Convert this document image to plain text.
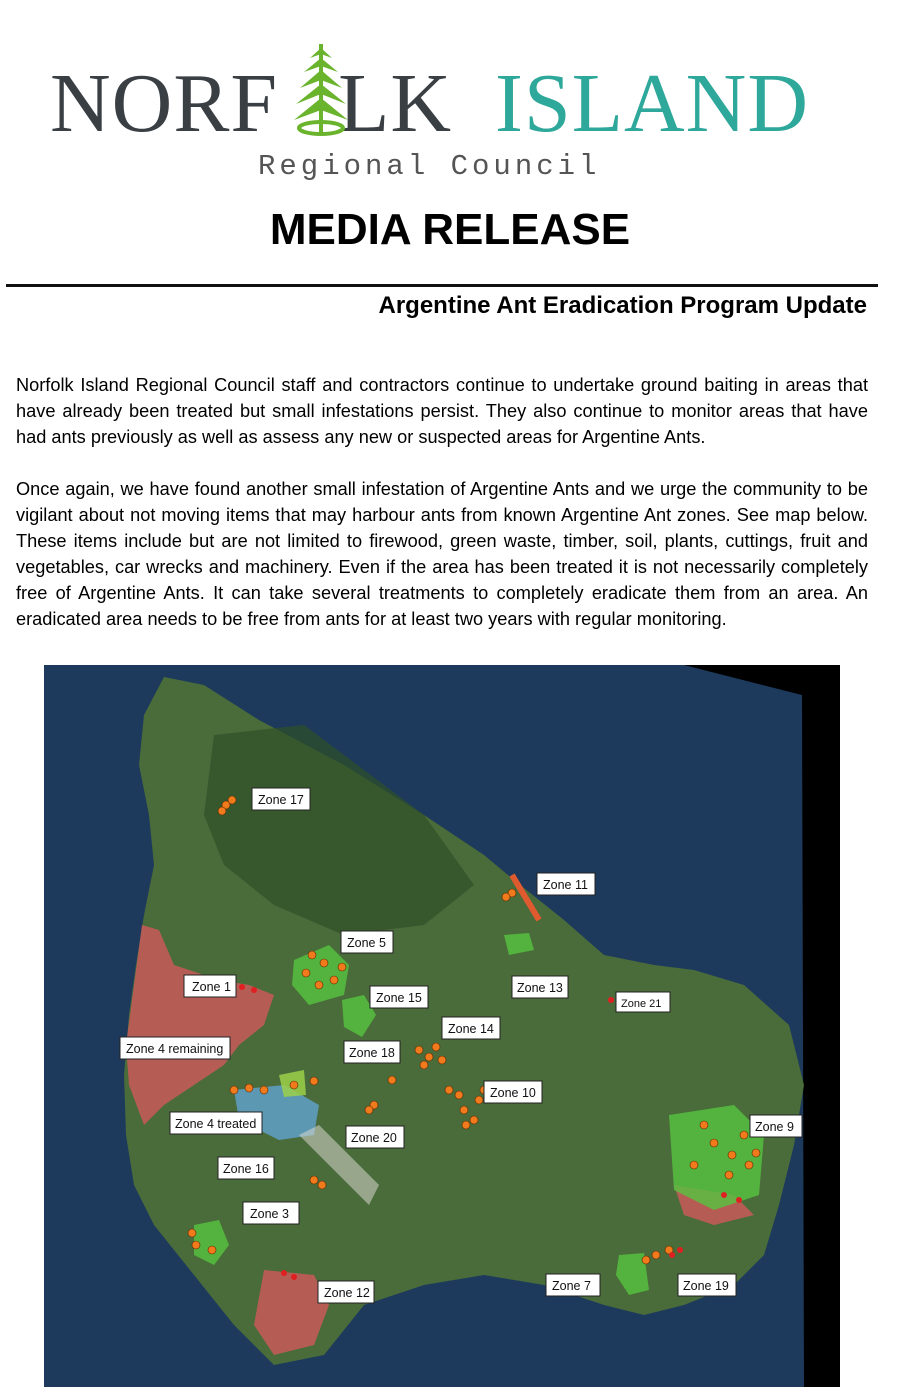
NORF LK ISLAND
Regional Council
MEDIA RELEASE
Argentine Ant Eradication Program Update

Norfolk Island Regional Council staff and contractors continue to undertake ground baiting in areas that have already been treated but small infestations persist. They also continue to monitor areas that have had ants previously as well as assess any new or suspected areas for Argentine Ants.

Once again, we have found another small infestation of Argentine Ants and we urge the community to be vigilant about not moving items that may harbour ants from known Argentine Ant zones. See map below. These items include but are not limited to firewood, green waste, timber, soil, plants, cuttings, fruit and vegetables, car wrecks and machinery. Even if the area has been treated it is not necessarily completely free of Argentine Ants. It can take several treatments to completely eradicate them from an area. An eradicated area needs to be free from ants for at least two years with regular monitoring.

Zone 17
Zone 11
Zone 5
Zone 1
Zone 15
Zone 13
Zone 21
Zone 14
Zone 4 remaining	Zone 18
Zone 10
Zone 4 treated
Zone 20
Zone 9
Zone 16
Zone 3
Zone 7	Zone 19
Zone 12
